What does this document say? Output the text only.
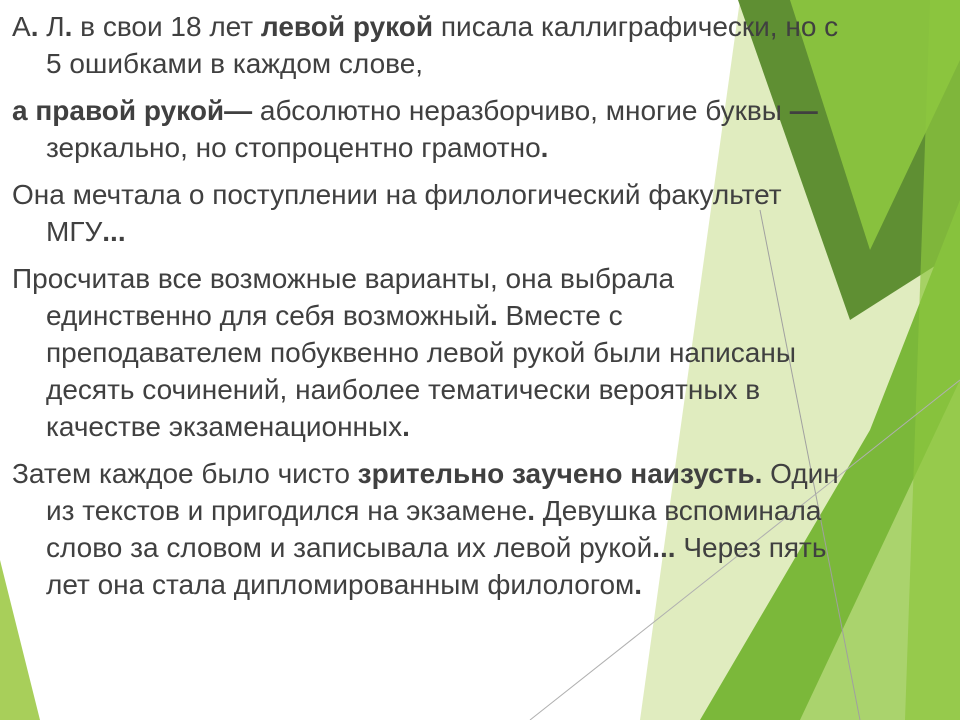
А. Л. в свои 18 лет левой рукой писала каллиграфически, но с 5 ошибками в каждом слове,

а правой рукой— абсолютно неразборчиво, многие буквы — зеркально, но стопроцентно грамотно.

Она мечтала о поступлении на филологический факультет МГУ...

Просчитав все возможные варианты, она выбрала единственно для себя возможный. Вместе с преподавателем побуквенно левой рукой были написаны десять сочинений, наиболее тематически вероятных в качестве экзаменационных.

Затем каждое было чисто зрительно заучено наизусть. Один из текстов и пригодился на экзамене. Девушка вспоминала слово за словом и записывала их левой рукой... Через пять лет она стала дипломированным филологом.
